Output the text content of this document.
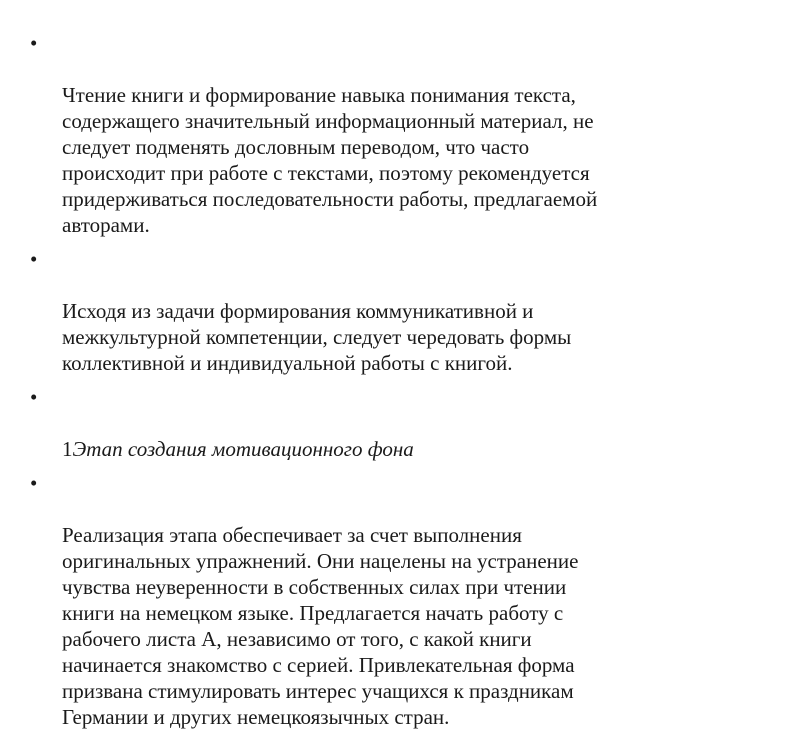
•

Чтение книги и формирование навыка понимания текста,
содержащего значительный информационный материал, не
следует подменять дословным переводом, что часто
происходит при работе с текстами, поэтому рекомендуется
придерживаться последовательности работы, предлагаемой
авторами.

•

Исходя из задачи формирования коммуникативной и
межкультурной компетенции, следует чередовать формы
коллективной и индивидуальной работы с книгой.

•

1Этап создания мотивационного фона

•

Реализация этапа обеспечивает за счет выполнения
оригинальных упражнений. Они нацелены на устранение
чувства неуверенности в собственных силах при чтении
книги на немецком языке. Предлагается начать работу с
рабочего листа А, независимо от того, с какой книги
начинается знакомство с серией. Привлекательная форма
призвана стимулировать интерес учащихся к праздникам
Германии и других немецкоязычных стран.
